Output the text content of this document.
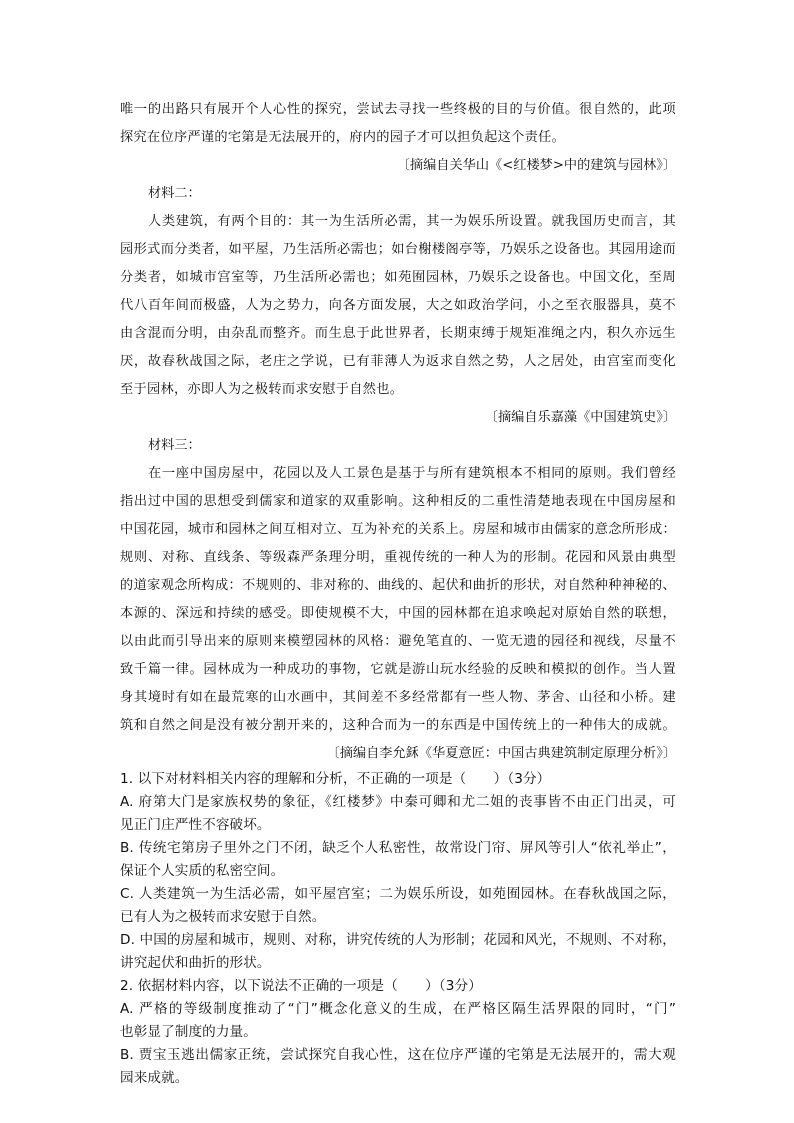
唯一的出路只有展开个人心性的探究，尝试去寻找一些终极的目的与价值。很自然的，此项
探究在位序严谨的宅第是无法展开的，府内的园子才可以担负起这个责任。
〔摘编自关华山《<红楼梦>中的建筑与园林》〕
材料二：
人类建筑，有两个目的：其一为生活所必需，其一为娱乐所设置。就我国历史而言，其
园形式而分类者，如平屋，乃生活所必需也；如台榭楼阁亭等，乃娱乐之设备也。其园用途而
分类者，如城市宫室等，乃生活所必需也；如苑囿园林，乃娱乐之设备也。中国文化，至周
代八百年间而极盛，人为之势力，向各方面发展，大之如政治学问，小之至衣服器具，莫不
由含混而分明，由杂乱而整齐。而生息于此世界者，长期束缚于规矩准绳之内，积久亦远生
厌，故春秋战国之际，老庄之学说，已有菲薄人为返求自然之势，人之居处，由宫室而变化
至于园林，亦即人为之极转而求安慰于自然也。
〔摘编自乐嘉藻《中国建筑史》〕
材料三：
在一座中国房屋中，花园以及人工景色是基于与所有建筑根本不相同的原则。我们曾经
指出过中国的思想受到儒家和道家的双重影响。这种相反的二重性清楚地表现在中国房屋和
中国花园，城市和园林之间互相对立、互为补充的关系上。房屋和城市由儒家的意念所形成：
规则、对称、直线条、等级森严条理分明，重视传统的一种人为的形制。花园和风景由典型
的道家观念所构成：不规则的、非对称的、曲线的、起伏和曲折的形状，对自然种种神秘的、
本源的、深远和持续的感受。即使规模不大，中国的园林都在追求唤起对原始自然的联想，
以由此而引导出来的原则来模塑园林的风格：避免笔直的、一览无遗的园径和视线，尽量不
致千篇一律。园林成为一种成功的事物，它就是游山玩水经验的反映和模拟的创作。当人置
身其境时有如在最荒寒的山水画中，其间差不多经常都有一些人物、茅舍、山径和小桥。建
筑和自然之间是没有被分割开来的，这种合而为一的东西是中国传统上的一种伟大的成就。
〔摘编自李允鉌《华夏意匠：中国古典建筑制定原理分析》〕
1. 以下对材料相关内容的理解和分析，不正确的一项是（　　）（3分）
A. 府第大门是家族权势的象征，《红楼梦》中秦可卿和尤二姐的丧事皆不由正门出灵，可
见正门庄严性不容破坏。
B. 传统宅第房子里外之门不闭，缺乏个人私密性，故常设门帘、屏风等引人“依礼举止”，
保证个人实质的私密空间。
C. 人类建筑一为生活必需，如平屋宫室；二为娱乐所设，如苑囿园林。在春秋战国之际，
已有人为之极转而求安慰于自然。
D. 中国的房屋和城市，规则、对称，讲究传统的人为形制；花园和风光，不规则、不对称，
讲究起伏和曲折的形状。
2. 依据材料内容，以下说法不正确的一项是（　　）（3分）
A. 严格的等级制度推动了“门”概念化意义的生成，在严格区隔生活界限的同时，“门”
也彰显了制度的力量。
B. 贾宝玉逃出儒家正统，尝试探究自我心性，这在位序严谨的宅第是无法展开的，需大观
园来成就。
